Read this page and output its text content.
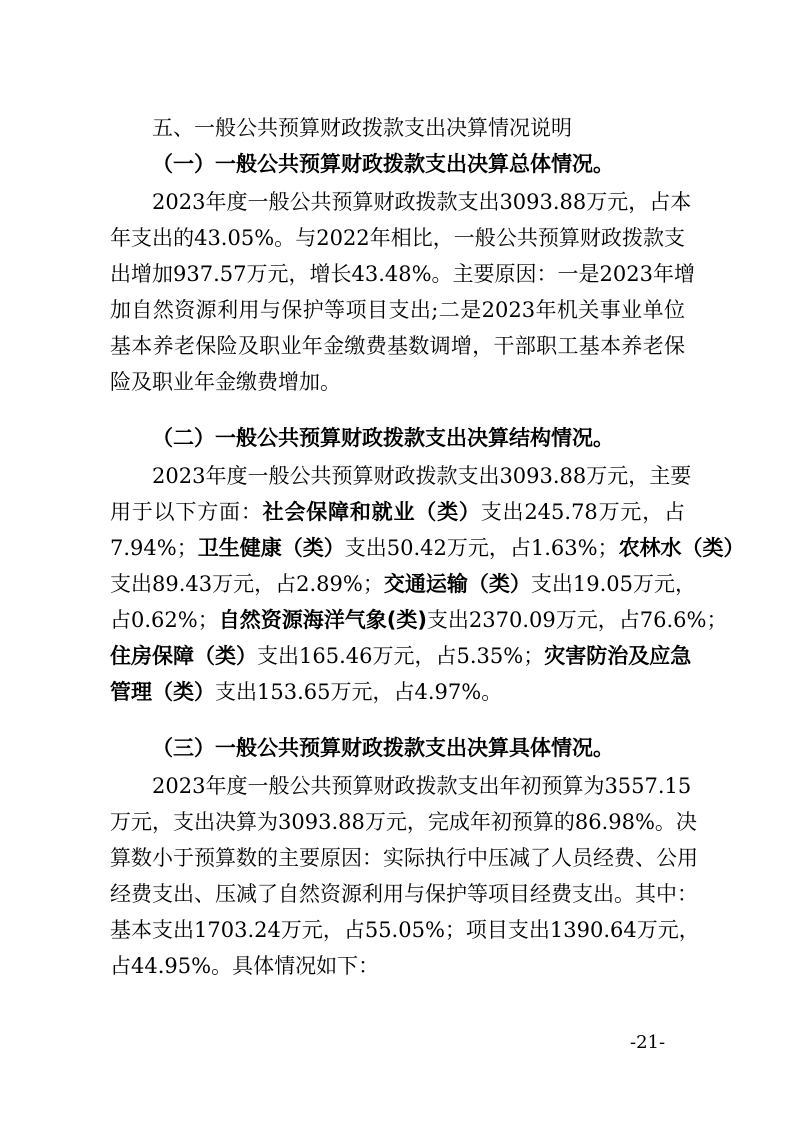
五、一般公共预算财政拨款支出决算情况说明
（一）一般公共预算财政拨款支出决算总体情况。
2023年度一般公共预算财政拨款支出3093.88万元，占本
年支出的43.05%。与2022年相比，一般公共预算财政拨款支
出增加937.57万元，增长43.48%。主要原因：一是2023年增
加自然资源利用与保护等项目支出;二是2023年机关事业单位
基本养老保险及职业年金缴费基数调增，干部职工基本养老保
险及职业年金缴费增加。
（二）一般公共预算财政拨款支出决算结构情况。
2023年度一般公共预算财政拨款支出3093.88万元，主要
用于以下方面：社会保障和就业（类）支出245.78万元，占
7.94%；卫生健康（类）支出50.42万元，占1.63%；农林水（类）
支出89.43万元，占2.89%；交通运输（类）支出19.05万元，
占0.62%；自然资源海洋气象(类)支出2370.09万元，占76.6%；
住房保障（类）支出165.46万元，占5.35%；灾害防治及应急
管理（类）支出153.65万元，占4.97%。
（三）一般公共预算财政拨款支出决算具体情况。
2023年度一般公共预算财政拨款支出年初预算为3557.15
万元，支出决算为3093.88万元，完成年初预算的86.98%。决
算数小于预算数的主要原因：实际执行中压减了人员经费、公用
经费支出、压减了自然资源利用与保护等项目经费支出。其中：
基本支出1703.24万元，占55.05%；项目支出1390.64万元，
占44.95%。具体情况如下：
-21-
